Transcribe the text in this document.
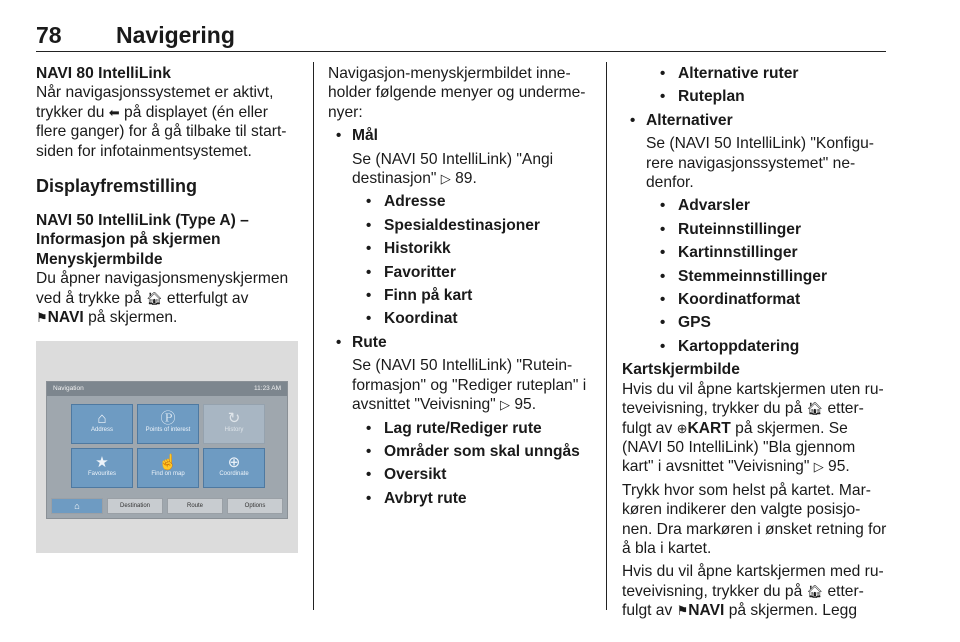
78 Navigering

NAVI 80 IntelliLink

Når navigasjonssystemet er aktivt, trykker du ⬅ på displayet (én eller flere ganger) for å gå tilbake til start-siden for infotainmentsystemet.

Displayfremstilling

NAVI 50 IntelliLink (Type A) – Informasjon på skjermen

Menyskjermbilde

Du åpner navigasjonsmenyskjermen ved å trykke på 🏠︎ etterfulgt av
⚑NAVI på skjermen.

Navigation	11:23 AM
⌂
Address
Ⓟ
Points of interest
↻
History
★
Favourites
☝
Find on map
⊕
Coordinate
⌂	Destination	Route	Options

Navigasjon-menyskjermbildet inne-holder følgende menyer og underme-nyer:

• Mål

Se (NAVI 50 IntelliLink) "Angi destinasjon" ▷ 89.

• Adresse

• Spesialdestinasjoner

• Historikk

• Favoritter

• Finn på kart

• Koordinat

• Rute

Se (NAVI 50 IntelliLink) "Rutein-formasjon" og "Rediger ruteplan" i avsnittet "Veivisning" ▷ 95.

• Lag rute/Rediger rute

• Områder som skal unngås

• Oversikt

• Avbryt rute

• Alternative ruter

• Ruteplan

• Alternativer

Se (NAVI 50 IntelliLink) "Konfigu-rere navigasjonssystemet" ne-denfor.

• Advarsler

• Ruteinnstillinger

• Kartinnstillinger

• Stemmeinnstillinger

• Koordinatformat

• GPS

• Kartoppdatering

Kartskjermbilde

Hvis du vil åpne kartskjermen uten ru-teveivisning, trykker du på 🏠︎ etter-fulgt av ⊕KART på skjermen. Se (NAVI 50 IntelliLink) "Bla gjennom kart" i avsnittet "Veivisning" ▷ 95.

Trykk hvor som helst på kartet. Mar-køren indikerer den valgte posisjo-nen. Dra markøren i ønsket retning for å bla i kartet.

Hvis du vil åpne kartskjermen med ru-teveivisning, trykker du på 🏠︎ etter-fulgt av ⚑NAVI på skjermen. Legg
